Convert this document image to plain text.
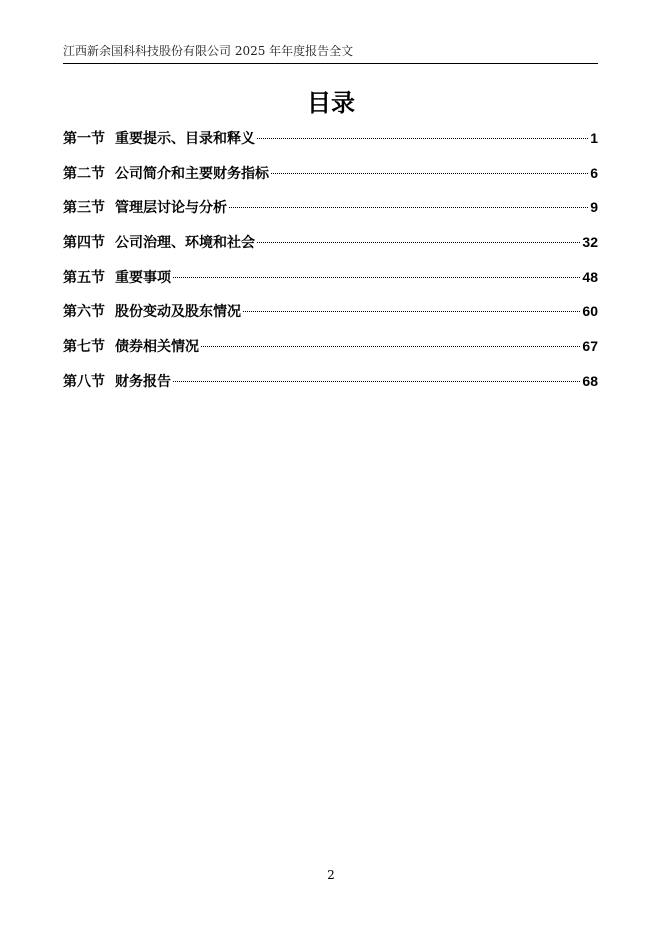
江西新余国科科技股份有限公司 2025 年年度报告全文
目录
第一节 重要提示、目录和释义	1
第二节 公司简介和主要财务指标	6
第三节 管理层讨论与分析	9
第四节 公司治理、环境和社会	32
第五节 重要事项	48
第六节 股份变动及股东情况	60
第七节 债券相关情况	67
第八节 财务报告	68
2
